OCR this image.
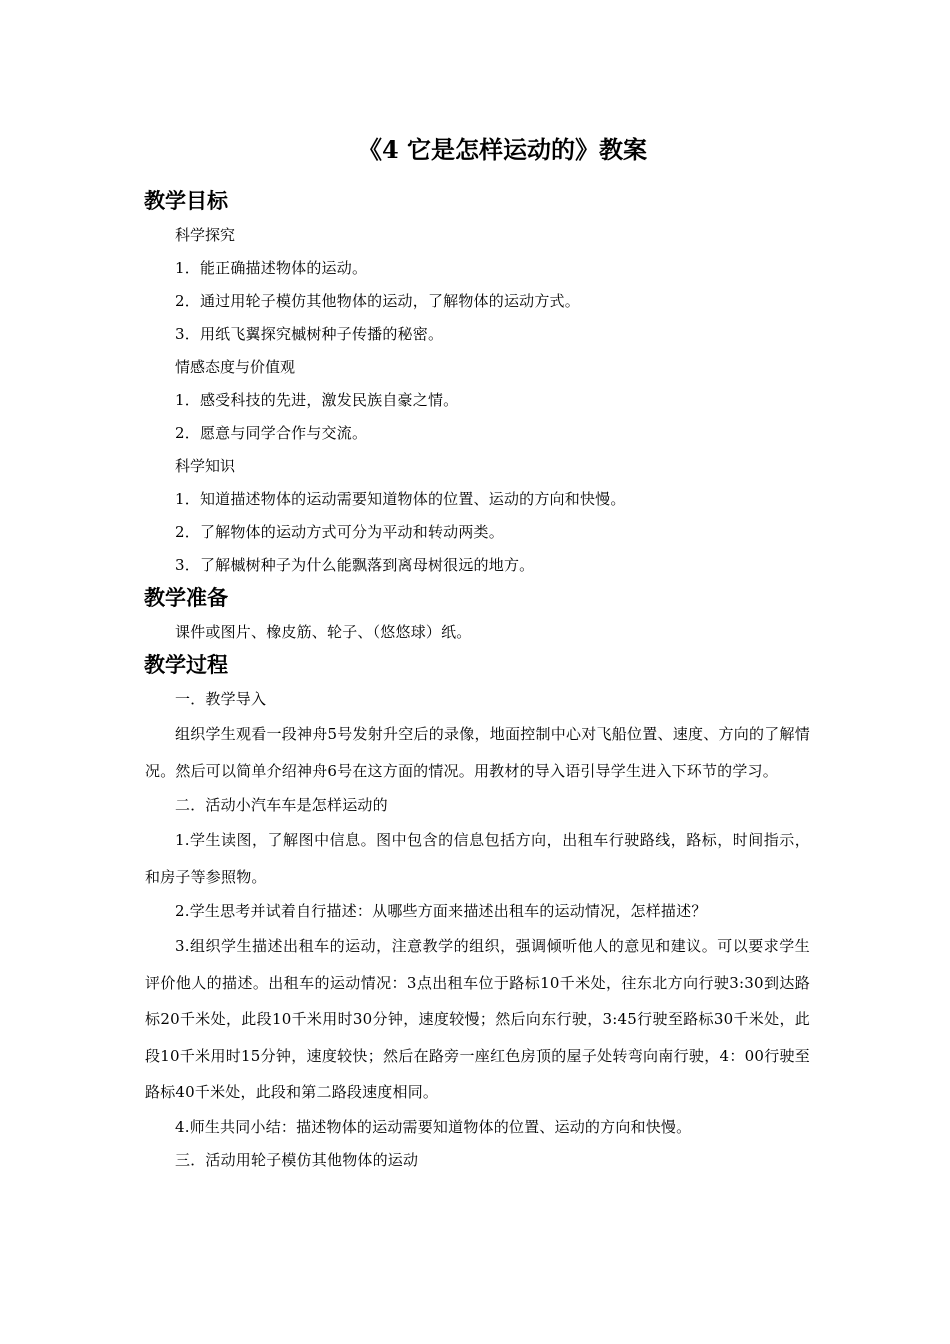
《4 它是怎样运动的》教案
教学目标

科学探究

1．能正确描述物体的运动。

2．通过用轮子模仿其他物体的运动，了解物体的运动方式。

3．用纸飞翼探究槭树种子传播的秘密。

情感态度与价值观

1．感受科技的先进，激发民族自豪之情。

2．愿意与同学合作与交流。

科学知识

1．知道描述物体的运动需要知道物体的位置、运动的方向和快慢。

2．了解物体的运动方式可分为平动和转动两类。

3．了解槭树种子为什么能飘落到离母树很远的地方。

教学准备

课件或图片、橡皮筋、轮子、（悠悠球）纸。

教学过程

一．教学导入

组织学生观看一段神舟5号发射升空后的录像，地面控制中心对飞船位置、速度、方向的了解情况。然后可以简单介绍神舟6号在这方面的情况。用教材的导入语引导学生进入下环节的学习。

二．活动小汽车车是怎样运动的

1.学生读图，了解图中信息。图中包含的信息包括方向，出租车行驶路线，路标，时间指示，和房子等参照物。

2.学生思考并试着自行描述：从哪些方面来描述出租车的运动情况，怎样描述？

3.组织学生描述出租车的运动，注意教学的组织，强调倾听他人的意见和建议。可以要求学生评价他人的描述。出租车的运动情况：3点出租车位于路标10千米处，往东北方向行驶3:30到达路标20千米处，此段10千米用时30分钟，速度较慢；然后向东行驶，3:45行驶至路标30千米处，此段10千米用时15分钟，速度较快；然后在路旁一座红色房顶的屋子处转弯向南行驶，4：00行驶至路标40千米处，此段和第二路段速度相同。

4.师生共同小结：描述物体的运动需要知道物体的位置、运动的方向和快慢。

三．活动用轮子模仿其他物体的运动
